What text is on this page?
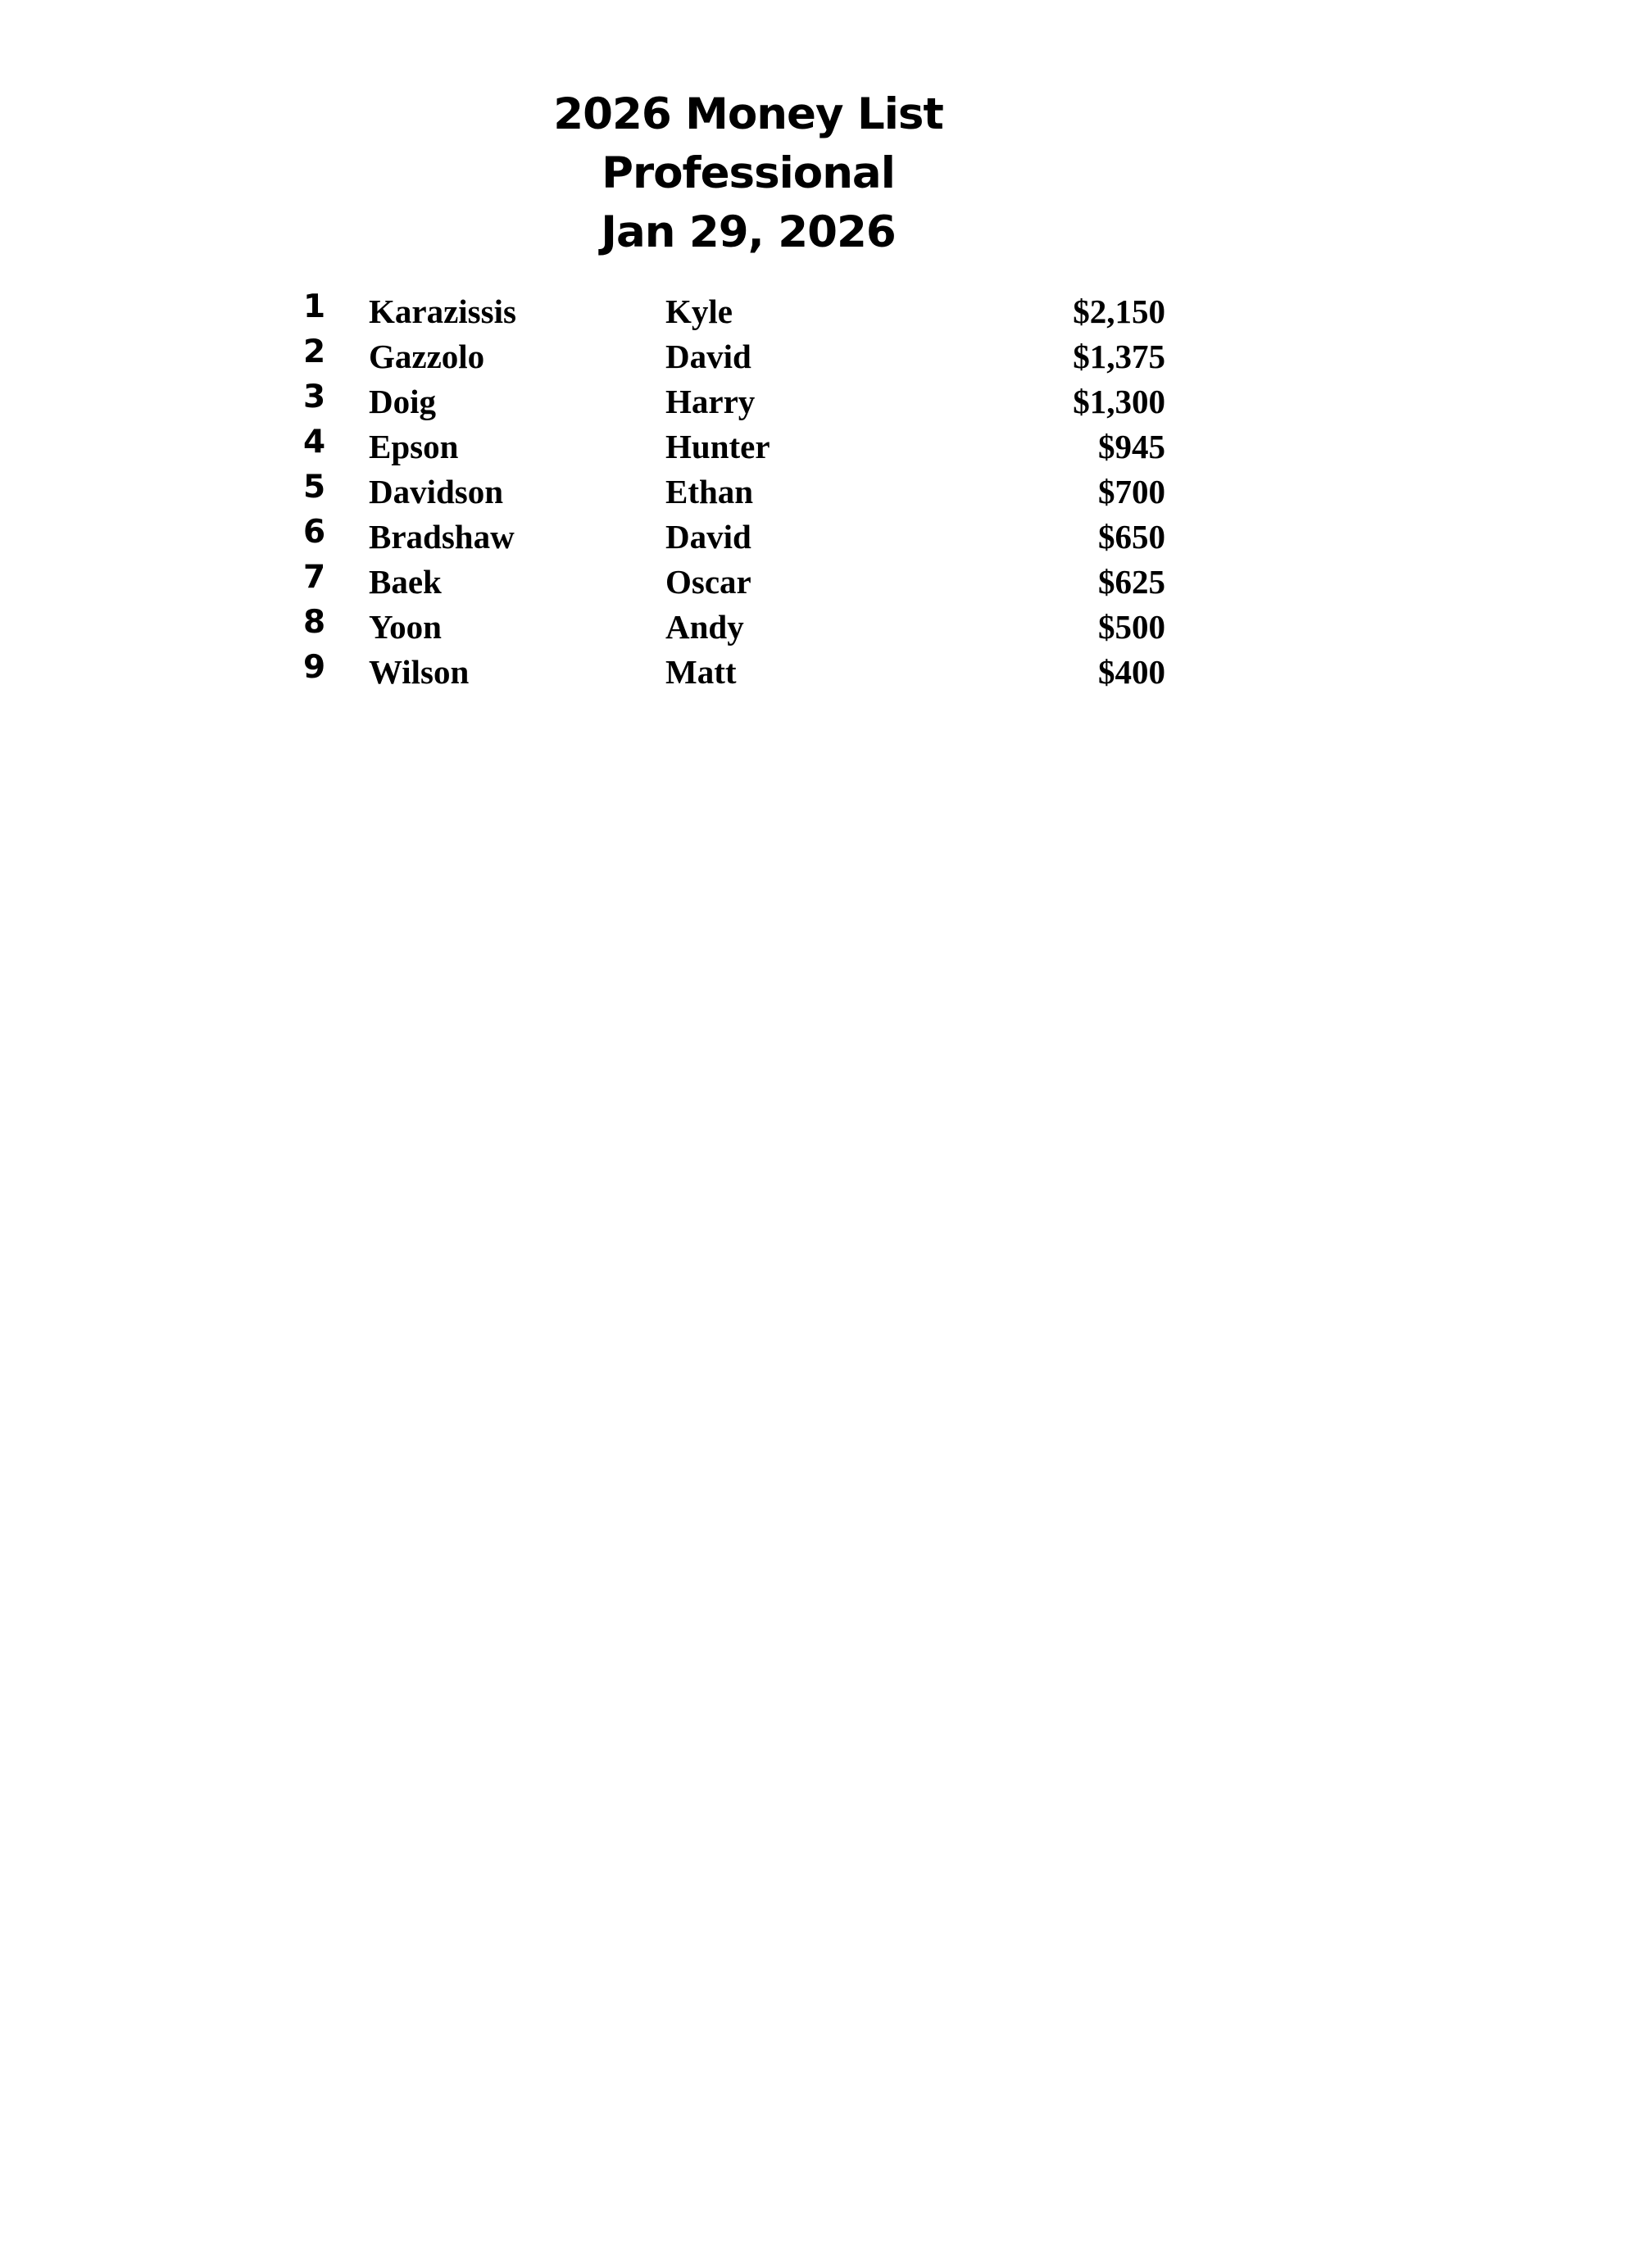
2026 Money List
Professional
Jan 29, 2026
1 Karazissis	Kyle	$2,150
2 Gazzolo	David	$1,375
3 Doig	Harry	$1,300
4 Epson	Hunter	$945
5 Davidson	Ethan	$700
6 Bradshaw	David	$650
7 Baek	Oscar	$625
8 Yoon	Andy	$500
9 Wilson	Matt	$400
